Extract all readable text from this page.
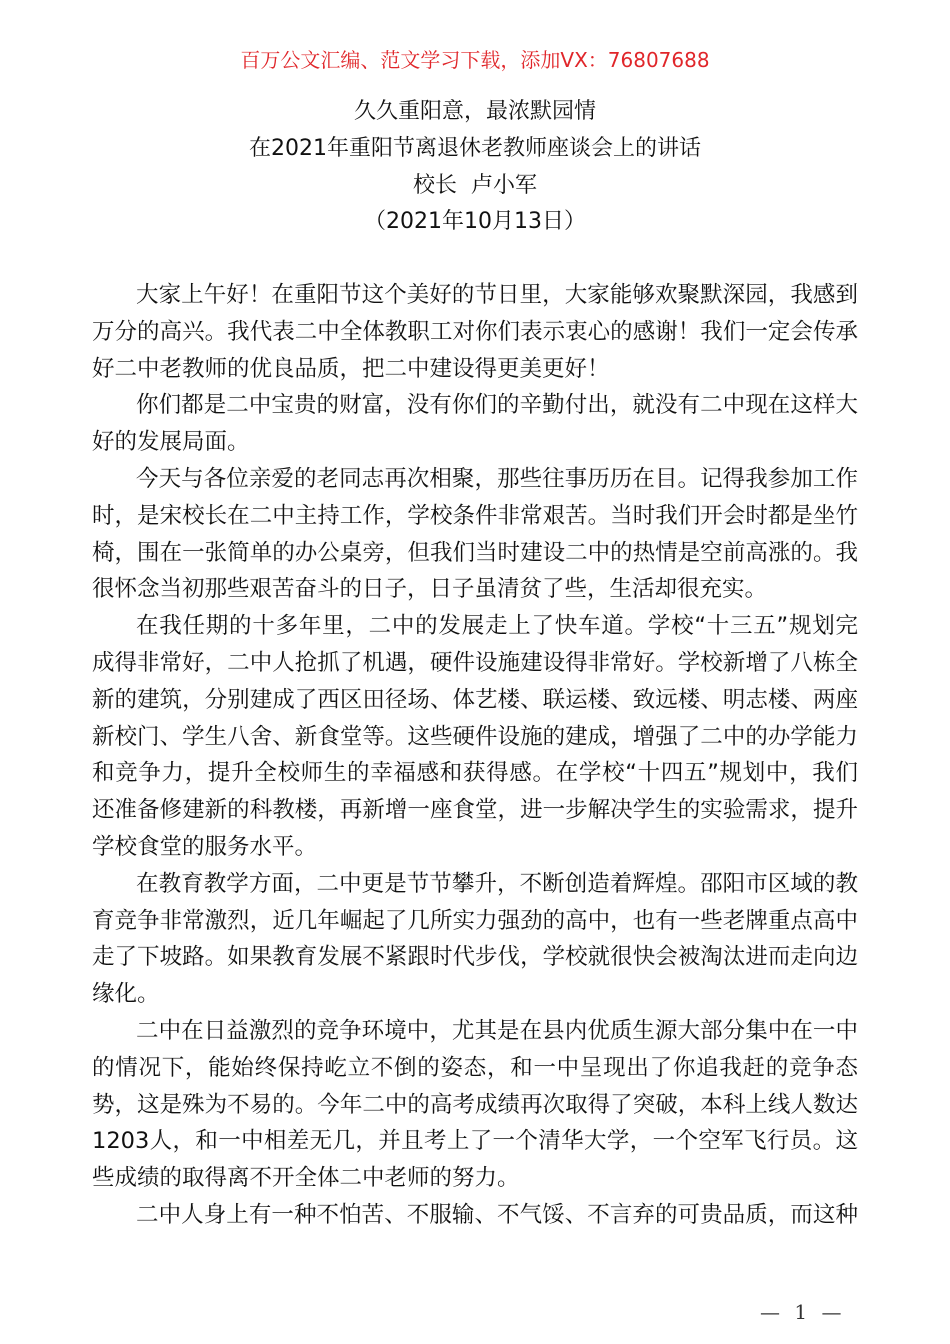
百万公文汇编、范文学习下载，添加VX：76807688
久久重阳意，最浓默园情
在2021年重阳节离退休老教师座谈会上的讲话
校长  卢小军
（2021年10月13日）
大家上午好！在重阳节这个美好的节日里，大家能够欢聚默深园，我感到
万分的高兴。我代表二中全体教职工对你们表示衷心的感谢！我们一定会传承
好二中老教师的优良品质，把二中建设得更美更好！
你们都是二中宝贵的财富，没有你们的辛勤付出，就没有二中现在这样大
好的发展局面。
今天与各位亲爱的老同志再次相聚，那些往事历历在目。记得我参加工作
时，是宋校长在二中主持工作，学校条件非常艰苦。当时我们开会时都是坐竹
椅，围在一张简单的办公桌旁，但我们当时建设二中的热情是空前高涨的。我
很怀念当初那些艰苦奋斗的日子，日子虽清贫了些，生活却很充实。
在我任期的十多年里，二中的发展走上了快车道。学校“十三五”规划完
成得非常好，二中人抢抓了机遇，硬件设施建设得非常好。学校新增了八栋全
新的建筑，分别建成了西区田径场、体艺楼、联运楼、致远楼、明志楼、两座
新校门、学生八舍、新食堂等。这些硬件设施的建成，增强了二中的办学能力
和竞争力，提升全校师生的幸福感和获得感。在学校“十四五”规划中，我们
还准备修建新的科教楼，再新增一座食堂，进一步解决学生的实验需求，提升
学校食堂的服务水平。
在教育教学方面，二中更是节节攀升，不断创造着辉煌。邵阳市区域的教
育竞争非常激烈，近几年崛起了几所实力强劲的高中，也有一些老牌重点高中
走了下坡路。如果教育发展不紧跟时代步伐，学校就很快会被淘汰进而走向边
缘化。
二中在日益激烈的竞争环境中，尤其是在县内优质生源大部分集中在一中
的情况下，能始终保持屹立不倒的姿态，和一中呈现出了你追我赶的竞争态
势，这是殊为不易的。今年二中的高考成绩再次取得了突破，本科上线人数达
1203人，和一中相差无几，并且考上了一个清华大学，一个空军飞行员。这
些成绩的取得离不开全体二中老师的努力。
二中人身上有一种不怕苦、不服输、不气馁、不言弃的可贵品质，而这种
— 1 —
